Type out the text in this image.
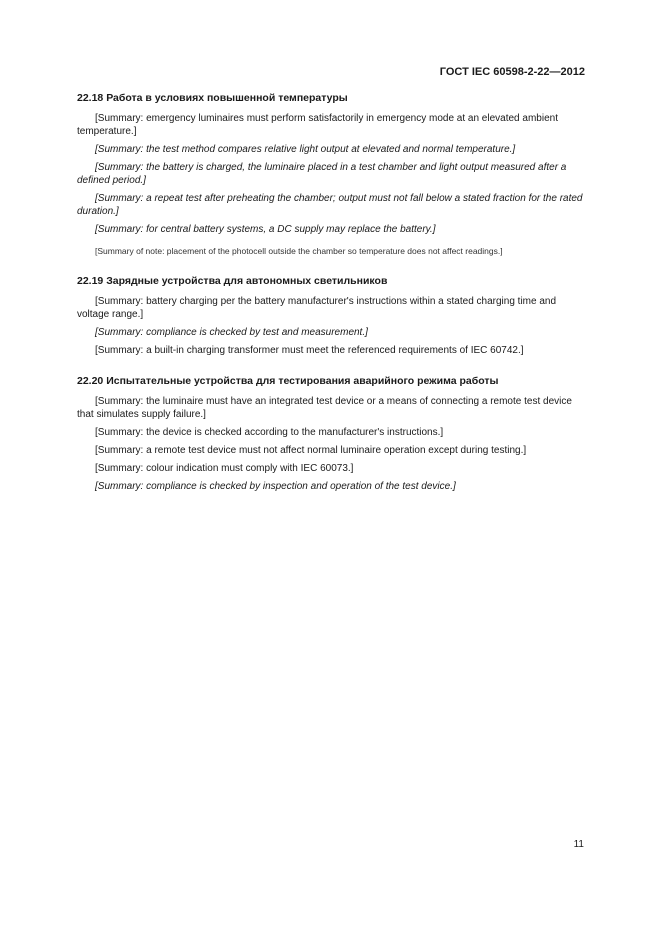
ГОСТ IEC 60598-2-22—2012
22.18 Работа в условиях повышенной температуры

[Summary: emergency luminaires must perform satisfactorily in emergency mode at an elevated ambient temperature.]

[Summary: the test method compares relative light output at elevated and normal temperature.]

[Summary: the battery is charged, the luminaire placed in a test chamber and light output measured after a defined period.]

[Summary: a repeat test after preheating the chamber; output must not fall below a stated fraction for the rated duration.]

[Summary: for central battery systems, a DC supply may replace the battery.]

[Summary of note: placement of the photocell outside the chamber so temperature does not affect readings.]

22.19 Зарядные устройства для автономных светильников

[Summary: battery charging per the battery manufacturer's instructions within a stated charging time and voltage range.]

[Summary: compliance is checked by test and measurement.]

[Summary: a built-in charging transformer must meet the referenced requirements of IEC 60742.]

22.20 Испытательные устройства для тестирования аварийного режима работы

[Summary: the luminaire must have an integrated test device or a means of connecting a remote test device that simulates supply failure.]

[Summary: the device is checked according to the manufacturer's instructions.]

[Summary: a remote test device must not affect normal luminaire operation except during testing.]

[Summary: colour indication must comply with IEC 60073.]

[Summary: compliance is checked by inspection and operation of the test device.]

11
